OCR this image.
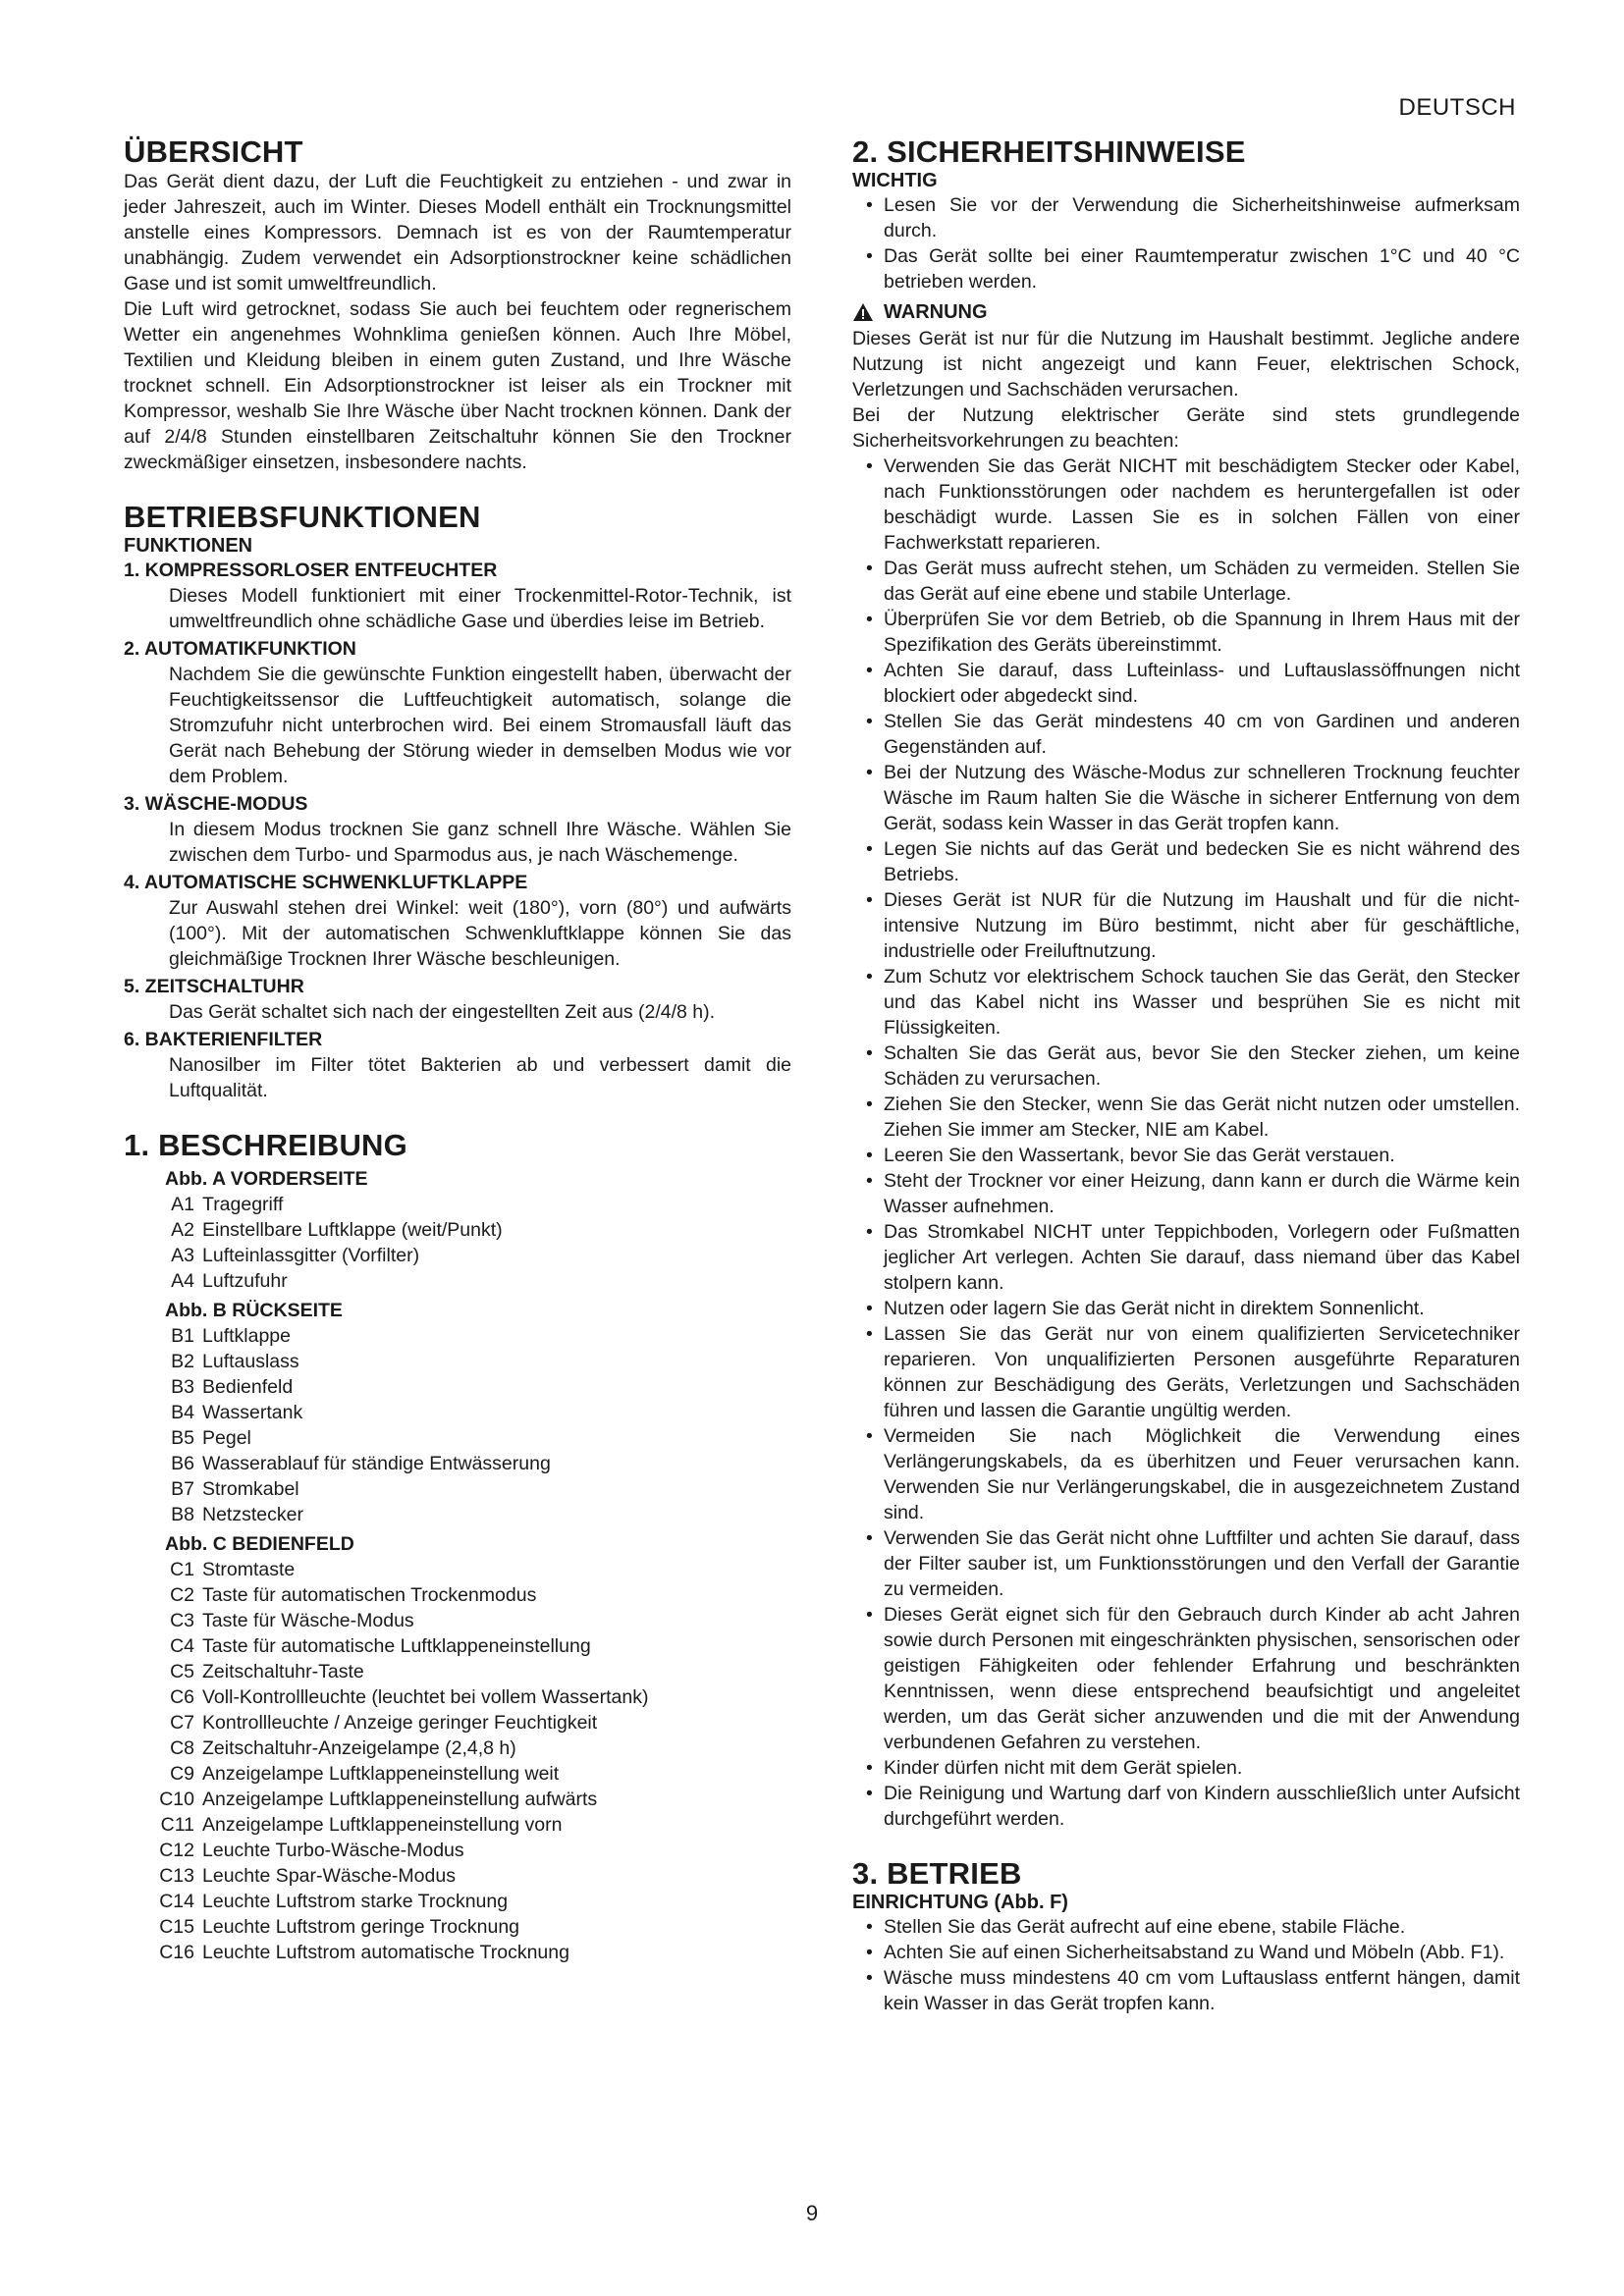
DEUTSCH
ÜBERSICHT

Das Gerät dient dazu, der Luft die Feuchtigkeit zu entziehen - und zwar in jeder Jahreszeit, auch im Winter. Dieses Modell enthält ein Trocknungsmittel anstelle eines Kompressors. Demnach ist es von der Raumtemperatur unabhängig. Zudem verwendet ein Adsorptionstrockner keine schädlichen Gase und ist somit umweltfreundlich.

Die Luft wird getrocknet, sodass Sie auch bei feuchtem oder regnerischem Wetter ein angenehmes Wohnklima genießen können. Auch Ihre Möbel, Textilien und Kleidung bleiben in einem guten Zustand, und Ihre Wäsche trocknet schnell. Ein Adsorptionstrockner ist leiser als ein Trockner mit Kompressor, weshalb Sie Ihre Wäsche über Nacht trocknen können. Dank der auf 2/4/8 Stunden einstellbaren Zeitschaltuhr können Sie den Trockner zweckmäßiger einsetzen, insbesondere nachts.

BETRIEBSFUNKTIONEN
FUNKTIONEN
1. KOMPRESSORLOSER ENTFEUCHTER
Dieses Modell funktioniert mit einer Trockenmittel-Rotor-Technik, ist umweltfreundlich ohne schädliche Gase und überdies leise im Betrieb.
2. AUTOMATIKFUNKTION
Nachdem Sie die gewünschte Funktion eingestellt haben, überwacht der Feuchtigkeitssensor die Luftfeuchtigkeit automatisch, solange die Stromzufuhr nicht unterbrochen wird. Bei einem Stromausfall läuft das Gerät nach Behebung der Störung wieder in demselben Modus wie vor dem Problem.
3. WÄSCHE-MODUS
In diesem Modus trocknen Sie ganz schnell Ihre Wäsche. Wählen Sie zwischen dem Turbo- und Sparmodus aus, je nach Wäschemenge.
4. AUTOMATISCHE SCHWENKLUFTKLAPPE
Zur Auswahl stehen drei Winkel: weit (180°), vorn (80°) und aufwärts (100°). Mit der automatischen Schwenkluftklappe können Sie das gleichmäßige Trocknen Ihrer Wäsche beschleunigen.
5. ZEITSCHALTUHR
Das Gerät schaltet sich nach der eingestellten Zeit aus (2/4/8 h).
6. BAKTERIENFILTER
Nanosilber im Filter tötet Bakterien ab und verbessert damit die Luftqualität.
1. BESCHREIBUNG
Abb. A VORDERSEITE
A1 Tragegriff
A2 Einstellbare Luftklappe (weit/Punkt)
A3 Lufteinlassgitter (Vorfilter)
A4 Luftzufuhr
Abb. B RÜCKSEITE
B1 Luftklappe
B2 Luftauslass
B3 Bedienfeld
B4 Wassertank
B5 Pegel
B6 Wasserablauf für ständige Entwässerung
B7 Stromkabel
B8 Netzstecker
Abb. C BEDIENFELD
C1 Stromtaste
C2 Taste für automatischen Trockenmodus
C3 Taste für Wäsche-Modus
C4 Taste für automatische Luftklappeneinstellung
C5 Zeitschaltuhr-Taste
C6 Voll-Kontrollleuchte (leuchtet bei vollem Wassertank)
C7 Kontrollleuchte / Anzeige geringer Feuchtigkeit
C8 Zeitschaltuhr-Anzeigelampe (2,4,8 h)
C9 Anzeigelampe Luftklappeneinstellung weit
C10 Anzeigelampe Luftklappeneinstellung aufwärts
C11 Anzeigelampe Luftklappeneinstellung vorn
C12 Leuchte Turbo-Wäsche-Modus
C13 Leuchte Spar-Wäsche-Modus
C14 Leuchte Luftstrom starke Trocknung
C15 Leuchte Luftstrom geringe Trocknung
C16 Leuchte Luftstrom automatische Trocknung
2. SICHERHEITSHINWEISE
WICHTIG
• Lesen Sie vor der Verwendung die Sicherheitshinweise aufmerksam durch.
• Das Gerät sollte bei einer Raumtemperatur zwischen 1°C und 40 °C betrieben werden.
WARNUNG

Dieses Gerät ist nur für die Nutzung im Haushalt bestimmt. Jegliche andere Nutzung ist nicht angezeigt und kann Feuer, elektrischen Schock, Verletzungen und Sachschäden verursachen.

Bei der Nutzung elektrischer Geräte sind stets grundlegende Sicherheitsvorkehrungen zu beachten:

• Verwenden Sie das Gerät NICHT mit beschädigtem Stecker oder Kabel, nach Funktionsstörungen oder nachdem es heruntergefallen ist oder beschädigt wurde. Lassen Sie es in solchen Fällen von einer Fachwerkstatt reparieren.
• Das Gerät muss aufrecht stehen, um Schäden zu vermeiden. Stellen Sie das Gerät auf eine ebene und stabile Unterlage.
• Überprüfen Sie vor dem Betrieb, ob die Spannung in Ihrem Haus mit der Spezifikation des Geräts übereinstimmt.
• Achten Sie darauf, dass Lufteinlass- und Luftauslassöffnungen nicht blockiert oder abgedeckt sind.
• Stellen Sie das Gerät mindestens 40 cm von Gardinen und anderen Gegenständen auf.
• Bei der Nutzung des Wäsche-Modus zur schnelleren Trocknung feuchter Wäsche im Raum halten Sie die Wäsche in sicherer Entfernung von dem Gerät, sodass kein Wasser in das Gerät tropfen kann.
• Legen Sie nichts auf das Gerät und bedecken Sie es nicht während des Betriebs.
• Dieses Gerät ist NUR für die Nutzung im Haushalt und für die nicht-intensive Nutzung im Büro bestimmt, nicht aber für geschäftliche, industrielle oder Freiluftnutzung.
• Zum Schutz vor elektrischem Schock tauchen Sie das Gerät, den Stecker und das Kabel nicht ins Wasser und besprühen Sie es nicht mit Flüssigkeiten.
• Schalten Sie das Gerät aus, bevor Sie den Stecker ziehen, um keine Schäden zu verursachen.
• Ziehen Sie den Stecker, wenn Sie das Gerät nicht nutzen oder umstellen. Ziehen Sie immer am Stecker, NIE am Kabel.
• Leeren Sie den Wassertank, bevor Sie das Gerät verstauen.
• Steht der Trockner vor einer Heizung, dann kann er durch die Wärme kein Wasser aufnehmen.
• Das Stromkabel NICHT unter Teppichboden, Vorlegern oder Fußmatten jeglicher Art verlegen. Achten Sie darauf, dass niemand über das Kabel stolpern kann.
• Nutzen oder lagern Sie das Gerät nicht in direktem Sonnenlicht.
• Lassen Sie das Gerät nur von einem qualifizierten Servicetechniker reparieren. Von unqualifizierten Personen ausgeführte Reparaturen können zur Beschädigung des Geräts, Verletzungen und Sachschäden führen und lassen die Garantie ungültig werden.
• Vermeiden Sie nach Möglichkeit die Verwendung eines Verlängerungskabels, da es überhitzen und Feuer verursachen kann. Verwenden Sie nur Verlängerungskabel, die in ausgezeichnetem Zustand sind.
• Verwenden Sie das Gerät nicht ohne Luftfilter und achten Sie darauf, dass der Filter sauber ist, um Funktionsstörungen und den Verfall der Garantie zu vermeiden.
• Dieses Gerät eignet sich für den Gebrauch durch Kinder ab acht Jahren sowie durch Personen mit eingeschränkten physischen, sensorischen oder geistigen Fähigkeiten oder fehlender Erfahrung und beschränkten Kenntnissen, wenn diese entsprechend beaufsichtigt und angeleitet werden, um das Gerät sicher anzuwenden und die mit der Anwendung verbundenen Gefahren zu verstehen.
• Kinder dürfen nicht mit dem Gerät spielen.
• Die Reinigung und Wartung darf von Kindern ausschließlich unter Aufsicht durchgeführt werden.
3. BETRIEB
EINRICHTUNG (Abb. F)
• Stellen Sie das Gerät aufrecht auf eine ebene, stabile Fläche.
• Achten Sie auf einen Sicherheitsabstand zu Wand und Möbeln (Abb. F1).
• Wäsche muss mindestens 40 cm vom Luftauslass entfernt hängen, damit kein Wasser in das Gerät tropfen kann.
9
